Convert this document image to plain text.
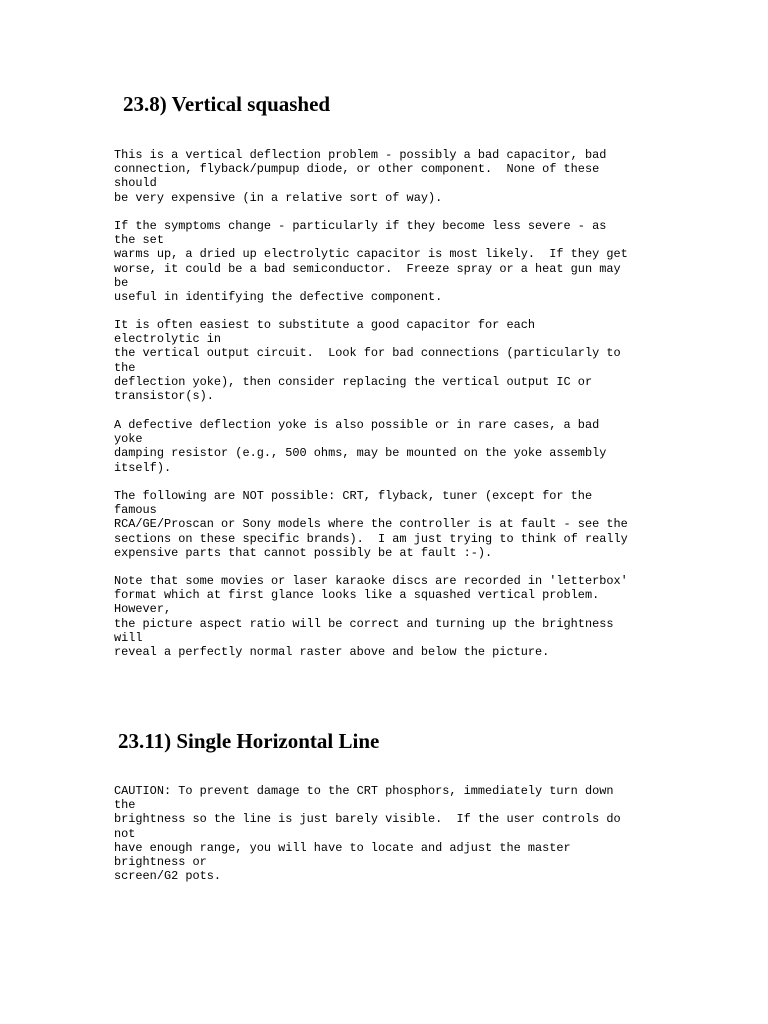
23.8) Vertical squashed

This is a vertical deflection problem - possibly a bad capacitor, bad
connection, flyback/pumpup diode, or other component.  None of these
should
be very expensive (in a relative sort of way).

If the symptoms change - particularly if they become less severe - as
the set
warms up, a dried up electrolytic capacitor is most likely.  If they get
worse, it could be a bad semiconductor.  Freeze spray or a heat gun may
be
useful in identifying the defective component.

It is often easiest to substitute a good capacitor for each
electrolytic in
the vertical output circuit.  Look for bad connections (particularly to
the
deflection yoke), then consider replacing the vertical output IC or
transistor(s).

A defective deflection yoke is also possible or in rare cases, a bad
yoke
damping resistor (e.g., 500 ohms, may be mounted on the yoke assembly
itself).

The following are NOT possible: CRT, flyback, tuner (except for the
famous
RCA/GE/Proscan or Sony models where the controller is at fault - see the
sections on these specific brands).  I am just trying to think of really
expensive parts that cannot possibly be at fault :-).

Note that some movies or laser karaoke discs are recorded in 'letterbox'
format which at first glance looks like a squashed vertical problem.
However,
the picture aspect ratio will be correct and turning up the brightness
will
reveal a perfectly normal raster above and below the picture.

23.11) Single Horizontal Line

CAUTION: To prevent damage to the CRT phosphors, immediately turn down
the
brightness so the line is just barely visible.  If the user controls do
not
have enough range, you will have to locate and adjust the master
brightness or
screen/G2 pots.
